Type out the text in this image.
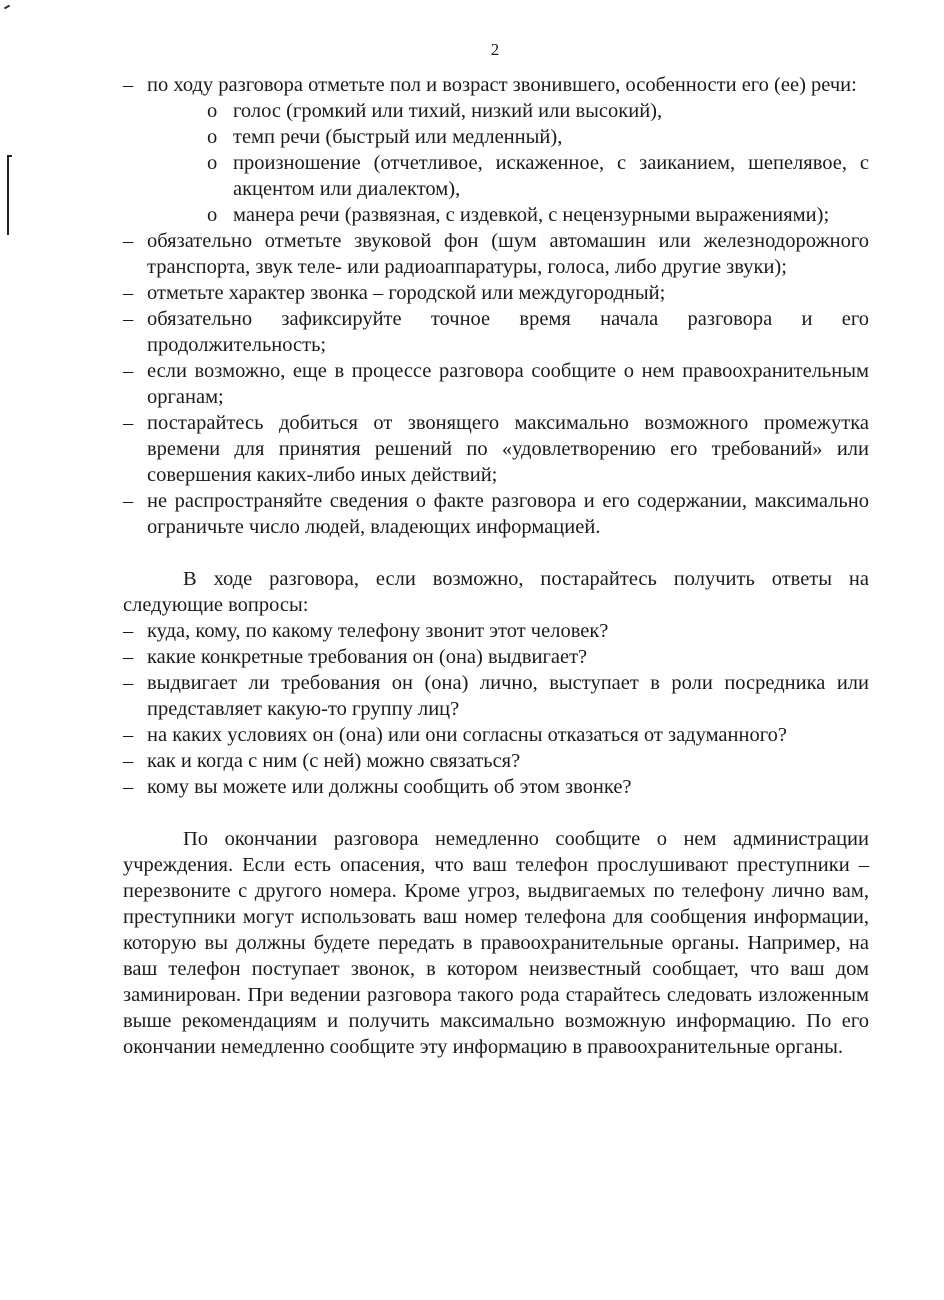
2
– по ходу разговора отметьте пол и возраст звонившего, особенности его (ее) речи:
o голос (громкий или тихий, низкий или высокий),
o темп речи (быстрый или медленный),
o произношение (отчетливое, искаженное, с заиканием, шепелявое, с акцентом или диалектом),
o манера речи (развязная, с издевкой, с нецензурными выражениями);
– обязательно отметьте звуковой фон (шум автомашин или железнодорожного транспорта, звук теле- или радиоаппаратуры, голоса, либо другие звуки);
– отметьте характер звонка – городской или междугородный;
– обязательно зафиксируйте точное время начала разговора и его продолжительность;
– если возможно, еще в процессе разговора сообщите о нем правоохранительным органам;
– постарайтесь добиться от звонящего максимально возможного промежутка времени для принятия решений по «удовлетворению его требований» или совершения каких-либо иных действий;
– не распространяйте сведения о факте разговора и его содержании, максимально ограничьте число людей, владеющих информацией.

В ходе разговора, если возможно, постарайтесь получить ответы на следующие вопросы:

– куда, кому, по какому телефону звонит этот человек?
– какие конкретные требования он (она) выдвигает?
– выдвигает ли требования он (она) лично, выступает в роли посредника или представляет какую-то группу лиц?
– на каких условиях он (она) или они согласны отказаться от задуманного?
– как и когда с ним (с ней) можно связаться?
– кому вы можете или должны сообщить об этом звонке?

По окончании разговора немедленно сообщите о нем администрации учреждения. Если есть опасения, что ваш телефон прослушивают преступники – перезвоните с другого номера. Кроме угроз, выдвигаемых по телефону лично вам, преступники могут использовать ваш номер телефона для сообщения информации, которую вы должны будете передать в правоохранительные органы. Например, на ваш телефон поступает звонок, в котором неизвестный сообщает, что ваш дом заминирован. При ведении разговора такого рода старайтесь следовать изложенным выше рекомендациям и получить максимально возможную информацию. По его окончании немедленно сообщите эту информацию в правоохранительные органы.
